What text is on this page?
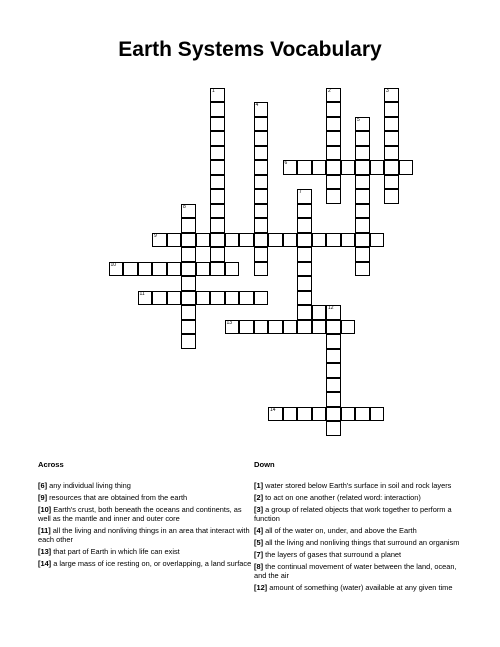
Earth Systems Vocabulary
1
4
2	3
5
6
7
8
9
10
11
12
13
14
Across
[6] any individual living thing
[9] resources that are obtained from the earth
[10] Earth's crust, both beneath the oceans and continents, as well as the mantle and inner and outer core
[11] all the living and nonliving things in an area that interact with each other
[13] that part of Earth in which life can exist
[14] a large mass of ice resting on, or overlapping, a land surface
Down
[1] water stored below Earth's surface in soil and rock layers
[2] to act on one another (related word: interaction)
[3] a group of related objects that work together to perform a function
[4] all of the water on, under, and above the Earth
[5] all the living and nonliving things that surround an organism
[7] the layers of gases that surround a planet
[8] the continual movement of water between the land, ocean, and the air
[12] amount of something (water) available at any given time
